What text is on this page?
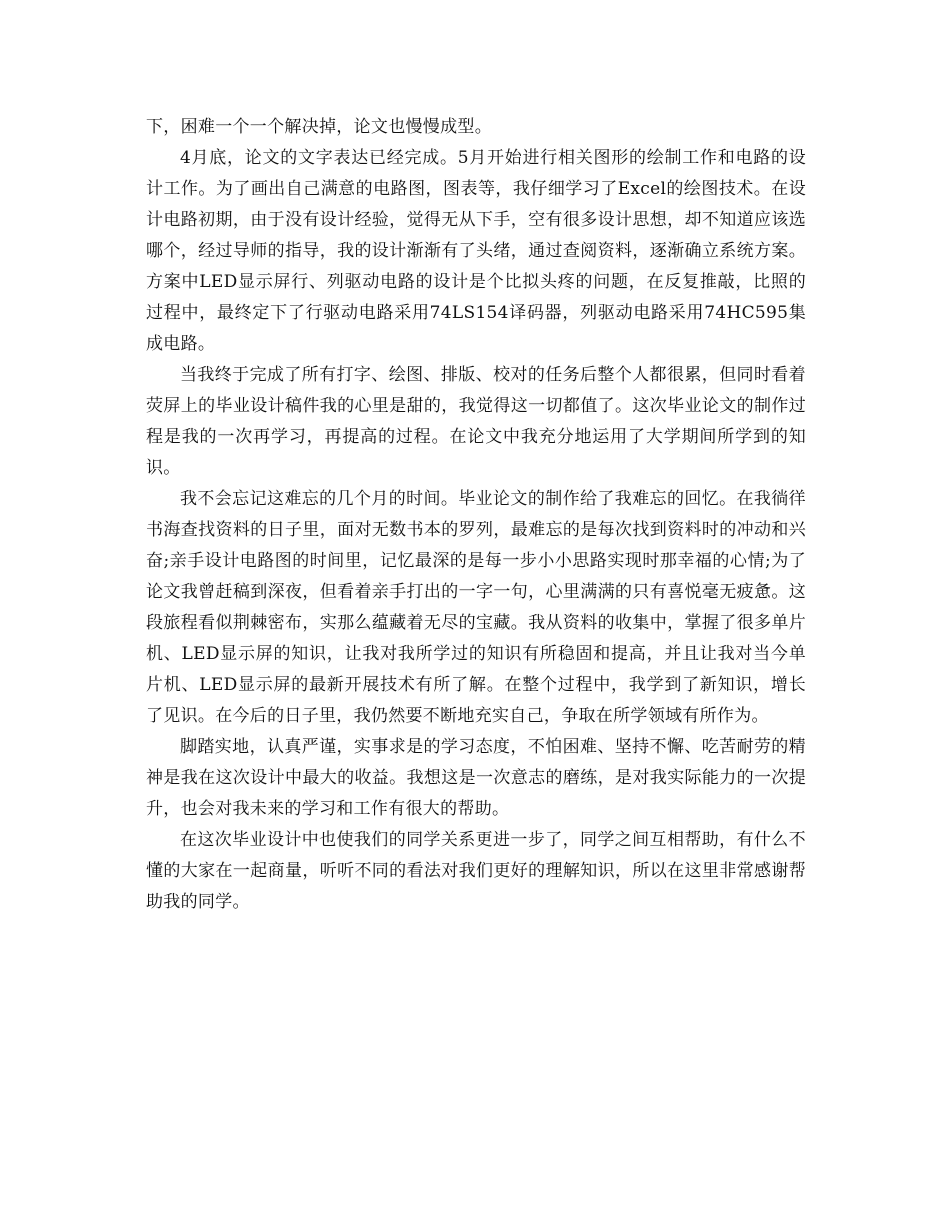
下，困难一个一个解决掉，论文也慢慢成型。

4月底，论文的文字表达已经完成。5月开始进行相关图形的绘制工作和电路的设计工作。为了画出自己满意的电路图，图表等，我仔细学习了Excel的绘图技术。在设计电路初期，由于没有设计经验，觉得无从下手，空有很多设计思想，却不知道应该选哪个，经过导师的指导，我的设计渐渐有了头绪，通过查阅资料，逐渐确立系统方案。方案中LED显示屏行、列驱动电路的设计是个比拟头疼的问题，在反复推敲，比照的过程中，最终定下了行驱动电路采用74LS154译码器，列驱动电路采用74HC595集成电路。

当我终于完成了所有打字、绘图、排版、校对的任务后整个人都很累，但同时看着荧屏上的毕业设计稿件我的心里是甜的，我觉得这一切都值了。这次毕业论文的制作过程是我的一次再学习，再提高的过程。在论文中我充分地运用了大学期间所学到的知识。

我不会忘记这难忘的几个月的时间。毕业论文的制作给了我难忘的回忆。在我徜徉书海查找资料的日子里，面对无数书本的罗列，最难忘的是每次找到资料时的冲动和兴奋;亲手设计电路图的时间里，记忆最深的是每一步小小思路实现时那幸福的心情;为了论文我曾赶稿到深夜，但看着亲手打出的一字一句，心里满满的只有喜悦毫无疲惫。这段旅程看似荆棘密布，实那么蕴藏着无尽的宝藏。我从资料的收集中，掌握了很多单片机、LED显示屏的知识，让我对我所学过的知识有所稳固和提高，并且让我对当今单片机、LED显示屏的最新开展技术有所了解。在整个过程中，我学到了新知识，增长了见识。在今后的日子里，我仍然要不断地充实自己，争取在所学领域有所作为。

脚踏实地，认真严谨，实事求是的学习态度，不怕困难、坚持不懈、吃苦耐劳的精神是我在这次设计中最大的收益。我想这是一次意志的磨练，是对我实际能力的一次提升，也会对我未来的学习和工作有很大的帮助。

在这次毕业设计中也使我们的同学关系更进一步了，同学之间互相帮助，有什么不懂的大家在一起商量，听听不同的看法对我们更好的理解知识，所以在这里非常感谢帮助我的同学。
